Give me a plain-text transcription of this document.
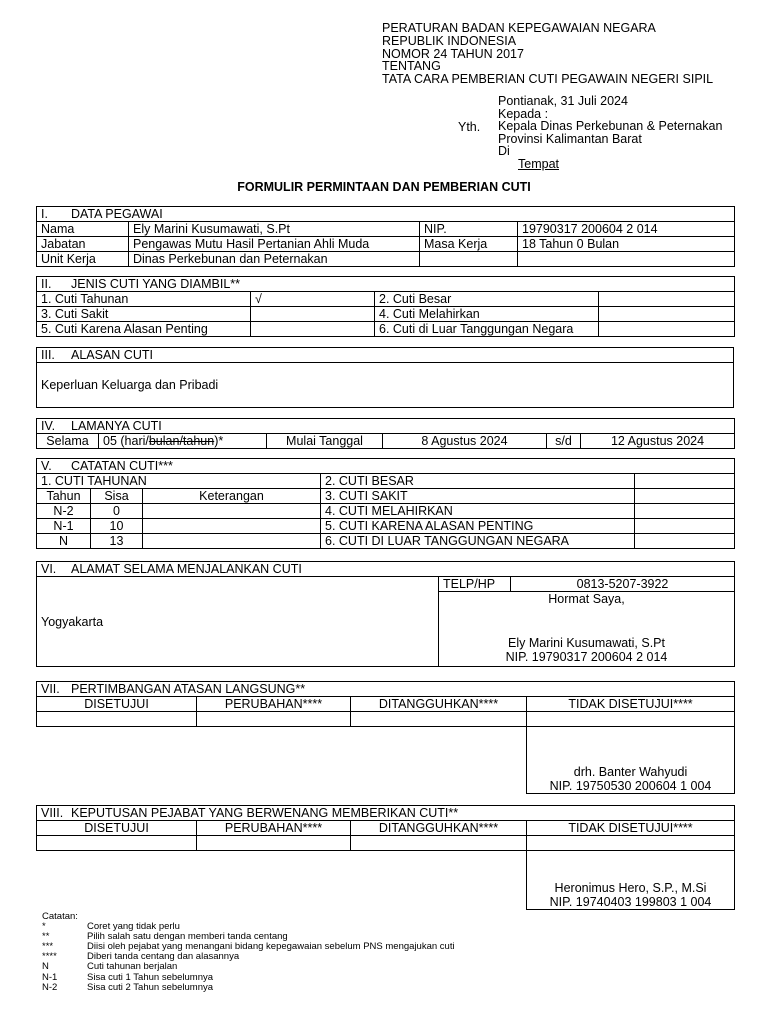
PERATURAN BADAN KEPEGAWAIAN NEGARA
REPUBLIK INDONESIA
NOMOR 24 TAHUN 2017
TENTANG
TATA CARA PEMBERIAN CUTI PEGAWAIN NEGERI SIPIL
Pontianak, 31 Juli 2024
Kepada :
Kepala Dinas Perkebunan & Peternakan
Provinsi Kalimantan Barat
Di
Tempat
Yth.
FORMULIR PERMINTAAN DAN PEMBERIAN CUTI
I. DATA PEGAWAI			
Nama	Ely Marini Kusumawati, S.Pt	NIP.	19790317 200604 2 014
Jabatan	Pengawas Mutu Hasil Pertanian Ahli Muda	Masa Kerja	18 Tahun 0 Bulan
Unit Kerja	Dinas Perkebunan dan Peternakan		
II. JENIS CUTI YANG DIAMBIL**			
1. Cuti Tahunan	√	2. Cuti Besar	
3. Cuti Sakit		4. Cuti Melahirkan	
5. Cuti Karena Alasan Penting		6. Cuti di Luar Tanggungan Negara	
III. ALASAN CUTI
Keperluan Keluarga dan Pribadi
IV. LAMANYA CUTI
Selama	05 (hari/bulan/tahun)*	Mulai Tanggal	8 Agustus 2024	s/d	12 Agustus 2024
V. CATATAN CUTI***				
1. CUTI TAHUNAN			2. CUTI BESAR	
Tahun	Sisa	Keterangan	3. CUTI SAKIT	
N-2	0		4. CUTI MELAHIRKAN	
N-1	10		5. CUTI KARENA ALASAN PENTING	
N	13		6. CUTI DI LUAR TANGGUNGAN NEGARA	
VI. ALAMAT SELAMA MENJALANKAN CUTI
Yogyakarta	TELP/HP	0813-5207-3922

Hormat Saya,
Ely Marini Kusumawati, S.Pt
NIP. 19790317 200604 2 014
VII. PERTIMBANGAN ATASAN LANGSUNG**			
DISETUJUI	PERUBAHAN****	DITANGGUHKAN****	TIDAK DISETUJUI****

			drh. Banter Wahyudi
NIP. 19750530 200604 1 004
VIII. KEPUTUSAN PEJABAT YANG BERWENANG MEMBERIKAN CUTI**			
DISETUJUI	PERUBAHAN****	DITANGGUHKAN****	TIDAK DISETUJUI****

			Heronimus Hero, S.P., M.Si
NIP. 19740403 199803 1 004
Catatan:
*	Coret yang tidak perlu
**	Pilih salah satu dengan memberi tanda centang
***	Diisi oleh pejabat yang menangani bidang kepegawaian sebelum PNS mengajukan cuti
****	Diberi tanda centang dan alasannya
N	Cuti tahunan berjalan
N-1	Sisa cuti 1 Tahun sebelumnya
N-2	Sisa cuti 2 Tahun sebelumnya
